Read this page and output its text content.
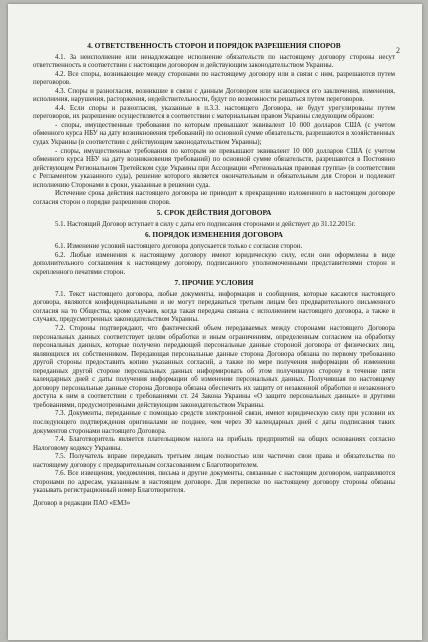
2
4. ОТВЕТСТВЕННОСТЬ СТОРОН И ПОРЯДОК РАЗРЕШЕНИЯ СПОРОВ

4.1. За неисполнение или ненадлежащее исполнение обязательств по настоящему договору стороны несут ответственность в соответствии с настоящим договором и действующим законодательством Украины.

4.2. Все споры, возникающие между сторонами по настоящему договору или в связи с ним, разрешаются путем переговоров.

4.3. Споры и разногласия, возникшие в связи с данным Договором или касающиеся его заключения, изменения, исполнения, нарушения, расторжения, недействительности, будут по возможности решаться путем переговоров.

4.4. Если споры и разногласия, указанные в п.3.3. настоящего Договора, не будут урегулированы путем переговоров, их разрешение осуществляется в соответствии с материальным правом Украины следующим образом:

- споры, имущественные требования по которым превышают эквивалент 10 000 долларов США (с учетом обменного курса НБУ на дату возникновения требований) по основной сумме обязательств, разрешаются в хозяйственных судах Украины (в соответствии с действующим законодательством Украины);

- споры, имущественные требования по которым не превышают эквивалент 10 000 долларов США (с учетом обменного курса НБУ на дату возникновения требований) по основной сумме обязательств, разрешаются в Постоянно действующем Региональном Третейском суде Украины при Ассоциации «Региональная правовая группа» (в соответствии с Регламентом указанного суда), решение которого является окончательным и обязательным для Сторон и подлежит исполнению Сторонами в сроки, указанные в решении суда.

Истечение срока действия настоящего договора не приводит к прекращению изложенного в настоящем договоре согласия сторон о порядке разрешения споров.

5. СРОК ДЕЙСТВИЯ ДОГОВОРА

5.1. Настоящий Договор вступает в силу с даты его подписания сторонами и действует до 31.12.2015г.

6. ПОРЯДОК ИЗМЕНЕНИЯ ДОГОВОРА

6.1. Изменение условий настоящего договора допускается только с согласия сторон.

6.2. Любые изменения к настоящему договору имеют юридическую силу, если они оформлены в виде дополнительного соглашения к настоящему договору, подписанного уполномоченными представителями сторон и скрепленного печатями сторон.

7. ПРОЧИЕ УСЛОВИЯ

7.1. Текст настоящего договора, любые документы, информация и сообщения, которые касаются настоящего договора, являются конфиденциальными и не могут передаваться третьим лицам без предварительного письменного согласия на то Общества, кроме случаев, когда такая передача связана с исполнением настоящего договора, а также в случаях, предусмотренных законодательством Украины.

7.2. Стороны подтверждают, что фактический объем передаваемых между сторонами настоящего Договора персональных данных соответствует целям обработки и иным ограничениям, определенным согласием на обработку персональных данных, которые получено передающей персональные данные стороной договора от физических лиц, являющихся их собственником. Передающая персональные данные сторона Договора обязана по первому требованию другой стороны предоставить копию указанных согласий, а также по мере получения информации об изменении переданных другой стороне персональных данных информировать об этом получившую сторону в течение пяти календарных дней с даты получения информации об изменении персональных данных. Получившая по настоящему договору персональные данные сторона Договора обязана обеспечить их защиту от незаконной обработки и незаконного доступа к ним в соответствии с требованиями ст. 24 Закона Украины «О защите персональных данных» и другими требованиями, предусмотренными действующим законодательством Украины.

7.3. Документы, переданные с помощью средств электронной связи, имеют юридическую силу при условии их последующего подтверждения оригиналами не позднее, чем через 30 календарных дней с даты подписания таких документов сторонами настоящего Договора.

7.4. Благотворитель является плательщиком налога на прибыль предприятий на общих основаниях согласно Налоговому кодексу Украины.

7.5. Получатель вправе передавать третьим лицам полностью или частично свои права и обязательства по настоящему договору с предварительным согласованием с Благотворителем.

7.6. Все извещения, уведомления, письма и другие документы, связанные с настоящим договором, направляются сторонами по адресам, указанным в настоящем договоре. Для переписке по настоящему договору стороны обязаны указывать регистрационный номер Благотворителя.

Договор в редакции ПАО «ЕМЗ»
